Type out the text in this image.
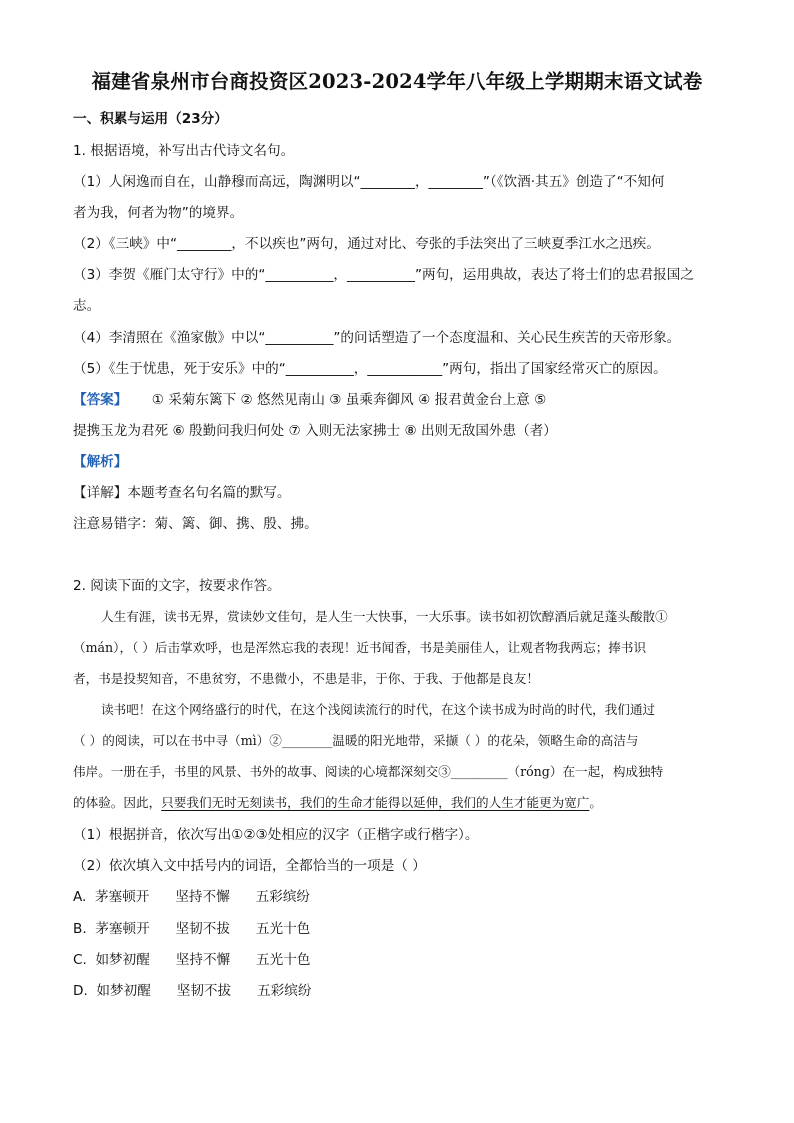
福建省泉州市台商投资区2023-2024学年八年级上学期期末语文试卷
一、积累与运用（23分）
1. 根据语境，补写出古代诗文名句。
（1）人闲逸而自在，山静穆而高远，陶渊明以“________，________”（《饮酒·其五》创造了“不知何
者为我，何者为物”的境界。
（2）《三峡》中“________，不以疾也”两句，通过对比、夸张的手法突出了三峡夏季江水之迅疾。
（3）李贺《雁门太守行》中的“__________，__________”两句，运用典故，表达了将士们的忠君报国之
志。
（4）李清照在《渔家傲》中以“__________”的问话塑造了一个态度温和、关心民生疾苦的天帝形象。
（5）《生于忧患，死于安乐》中的“__________，___________”两句，指出了国家经常灭亡的原因。
【答案】 ① 采菊东篱下 ② 悠然见南山 ③ 虽乘奔御风 ④ 报君黄金台上意 ⑤
提携玉龙为君死 ⑥ 殷勤问我归何处 ⑦ 入则无法家拂士 ⑧ 出则无敌国外患（者）
【解析】
【详解】本题考查名句名篇的默写。
注意易错字：菊、篱、御、携、殷、拂。
2. 阅读下面的文字，按要求作答。
人生有涯，读书无界，赏读妙文佳句，是人生一大快事，一大乐事。读书如初饮醇酒后就足蓬头酸散①
（mán），（ ）后击掌欢呼，也是浑然忘我的表现！近书闻香，书是美丽佳人，让观者物我两忘；捧书识
者，书是投契知音，不患贫穷，不患微小，不患是非，于你、于我、于他都是良友！
读书吧！在这个网络盛行的时代，在这个浅阅读流行的时代，在这个读书成为时尚的时代，我们通过
（ ）的阅读，可以在书中寻（mì）②________温暖的阳光地带，采撷（ ）的花朵，领略生命的高洁与
伟岸。一册在手，书里的风景、书外的故事、阅读的心境都深刻交③_________（róng）在一起，构成独特
的体验。因此，只要我们无时无刻读书，我们的生命才能得以延伸，我们的人生才能更为宽广。
（1）根据拼音，依次写出①②③处相应的汉字（正楷字或行楷字）。
（2）依次填入文中括号内的词语，全都恰当的一项是（ ）
A.  茅塞顿开      坚持不懈      五彩缤纷
B.  茅塞顿开      坚韧不拔      五光十色
C.  如梦初醒      坚持不懈      五光十色
D.  如梦初醒      坚韧不拔      五彩缤纷
